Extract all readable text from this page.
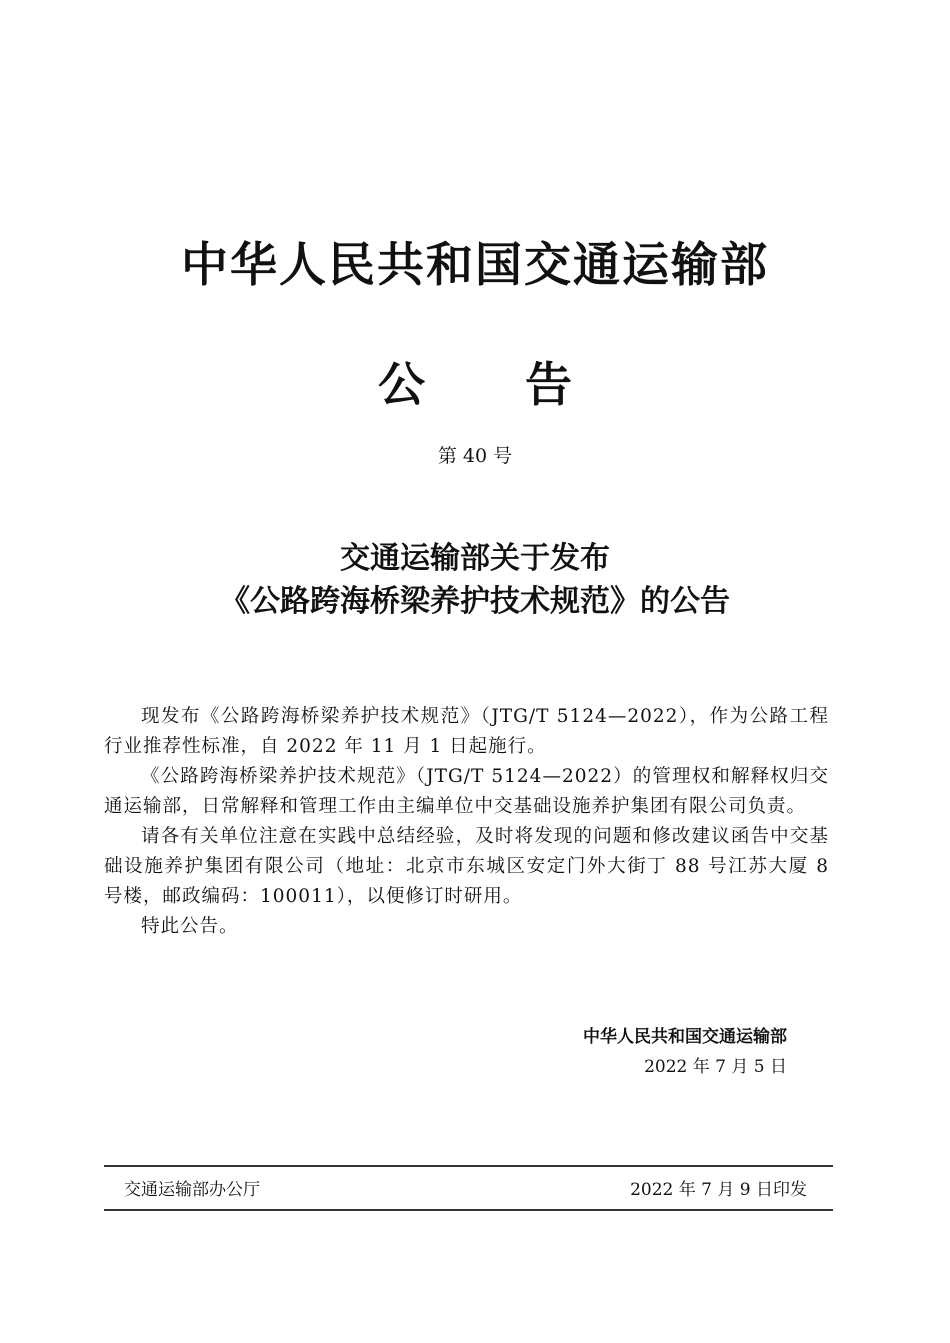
中华人民共和国交通运输部
公告
第 40 号
交通运输部关于发布
《公路跨海桥梁养护技术规范》的公告

现发布《公路跨海桥梁养护技术规范》（JTG/T 5124—2022），作为公路工程行业推荐性标准，自 2022 年 11 月 1 日起施行。

《公路跨海桥梁养护技术规范》（JTG/T 5124—2022）的管理权和解释权归交通运输部，日常解释和管理工作由主编单位中交基础设施养护集团有限公司负责。

请各有关单位注意在实践中总结经验，及时将发现的问题和修改建议函告中交基础设施养护集团有限公司（地址：北京市东城区安定门外大街丁 88 号江苏大厦 8 号楼，邮政编码：100011），以便修订时研用。

特此公告。

中华人民共和国交通运输部
2022 年 7 月 5 日
交通运输部办公厅	2022 年 7 月 9 日印发
